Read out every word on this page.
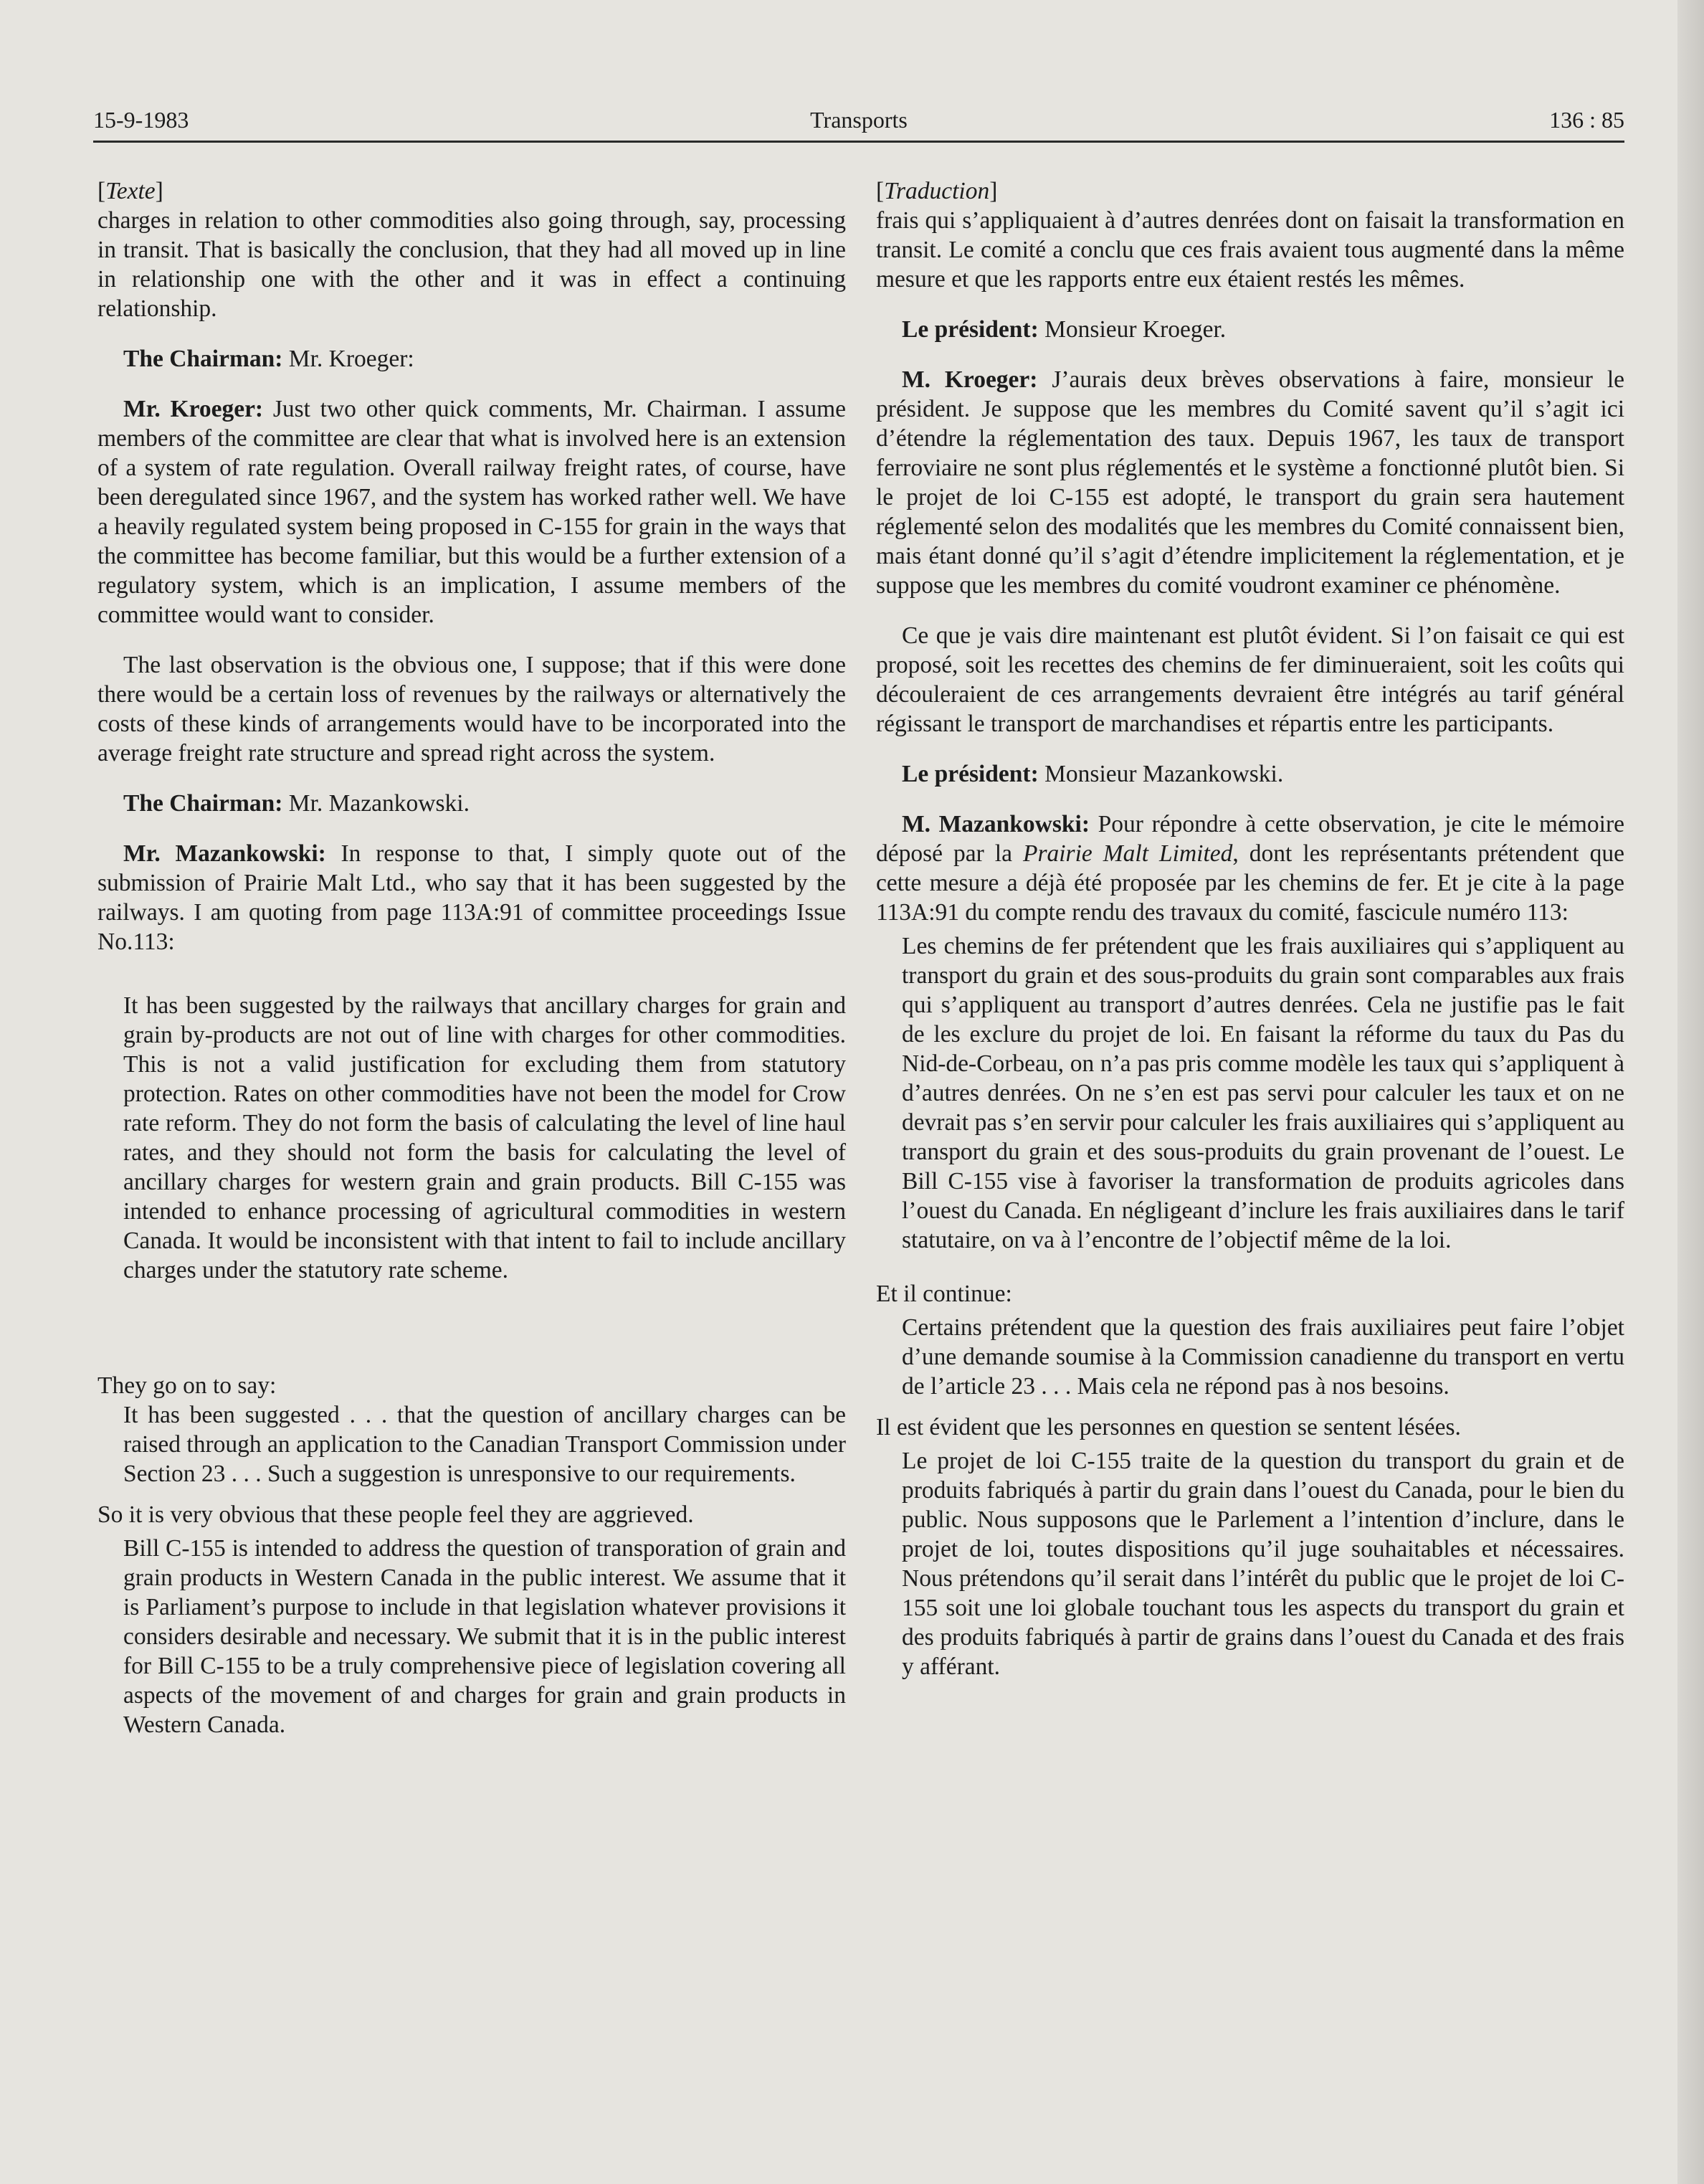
15-9-1983	Transports	136 : 85

[Texte]

charges in relation to other commodities also going through, say, processing in transit. That is basically the conclusion, that they had all moved up in line in relationship one with the other and it was in effect a continuing relationship.

The Chairman: Mr. Kroeger:

Mr. Kroeger: Just two other quick comments, Mr. Chairman. I assume members of the committee are clear that what is involved here is an extension of a system of rate regulation. Overall railway freight rates, of course, have been deregulated since 1967, and the system has worked rather well. We have a heavily regulated system being proposed in C-155 for grain in the ways that the committee has become familiar, but this would be a further extension of a regulatory system, which is an implication, I assume members of the committee would want to consider.

The last observation is the obvious one, I suppose; that if this were done there would be a certain loss of revenues by the railways or alternatively the costs of these kinds of arrangements would have to be incorporated into the average freight rate structure and spread right across the system.

The Chairman: Mr. Mazankowski.

Mr. Mazankowski: In response to that, I simply quote out of the submission of Prairie Malt Ltd., who say that it has been suggested by the railways. I am quoting from page 113A:91 of committee proceedings Issue No.113:

It has been suggested by the railways that ancillary charges for grain and grain by-products are not out of line with charges for other commodities. This is not a valid justification for excluding them from statutory protection. Rates on other commodities have not been the model for Crow rate reform. They do not form the basis of calculating the level of line haul rates, and they should not form the basis for calculating the level of ancillary charges for western grain and grain products. Bill C-155 was intended to enhance processing of agricultural commodities in western Canada. It would be inconsistent with that intent to fail to include ancillary charges under the statutory rate scheme.

They go on to say:

It has been suggested . . . that the question of ancillary charges can be raised through an application to the Canadian Transport Commission under Section 23 . . . Such a suggestion is unresponsive to our requirements.

So it is very obvious that these people feel they are aggrieved.

Bill C-155 is intended to address the question of transporation of grain and grain products in Western Canada in the public interest. We assume that it is Parliament’s purpose to include in that legislation whatever provisions it considers desirable and necessary. We submit that it is in the public interest for Bill C-155 to be a truly comprehensive piece of legislation covering all aspects of the movement of and charges for grain and grain products in Western Canada.

[Traduction]

frais qui s’appliquaient à d’autres denrées dont on faisait la transformation en transit. Le comité a conclu que ces frais avaient tous augmenté dans la même mesure et que les rapports entre eux étaient restés les mêmes.

Le président: Monsieur Kroeger.

M. Kroeger: J’aurais deux brèves observations à faire, monsieur le président. Je suppose que les membres du Comité savent qu’il s’agit ici d’étendre la réglementation des taux. Depuis 1967, les taux de transport ferroviaire ne sont plus réglementés et le système a fonctionné plutôt bien. Si le projet de loi C-155 est adopté, le transport du grain sera hautement réglementé selon des modalités que les membres du Comité connaissent bien, mais étant donné qu’il s’agit d’étendre implicitement la réglementation, et je suppose que les membres du comité voudront examiner ce phénomène.

Ce que je vais dire maintenant est plutôt évident. Si l’on faisait ce qui est proposé, soit les recettes des chemins de fer diminueraient, soit les coûts qui découleraient de ces arrangements devraient être intégrés au tarif général régissant le transport de marchandises et répartis entre les participants.

Le président: Monsieur Mazankowski.

M. Mazankowski: Pour répondre à cette observation, je cite le mémoire déposé par la Prairie Malt Limited, dont les représentants prétendent que cette mesure a déjà été proposée par les chemins de fer. Et je cite à la page 113A:91 du compte rendu des travaux du comité, fascicule numéro 113:

Les chemins de fer prétendent que les frais auxiliaires qui s’appliquent au transport du grain et des sous-produits du grain sont comparables aux frais qui s’appliquent au transport d’autres denrées. Cela ne justifie pas le fait de les exclure du projet de loi. En faisant la réforme du taux du Pas du Nid-de-Corbeau, on n’a pas pris comme modèle les taux qui s’appliquent à d’autres denrées. On ne s’en est pas servi pour calculer les taux et on ne devrait pas s’en servir pour calculer les frais auxiliaires qui s’appliquent au transport du grain et des sous-produits du grain provenant de l’ouest. Le Bill C-155 vise à favoriser la transformation de produits agricoles dans l’ouest du Canada. En négligeant d’inclure les frais auxiliaires dans le tarif statutaire, on va à l’encontre de l’objectif même de la loi.

Et il continue:

Certains prétendent que la question des frais auxiliaires peut faire l’objet d’une demande soumise à la Commission canadienne du transport en vertu de l’article 23 . . . Mais cela ne répond pas à nos besoins.

Il est évident que les personnes en question se sentent lésées.

Le projet de loi C-155 traite de la question du transport du grain et de produits fabriqués à partir du grain dans l’ouest du Canada, pour le bien du public. Nous supposons que le Parlement a l’intention d’inclure, dans le projet de loi, toutes dispositions qu’il juge souhaitables et nécessaires. Nous prétendons qu’il serait dans l’intérêt du public que le projet de loi C-155 soit une loi globale touchant tous les aspects du transport du grain et des produits fabriqués à partir de grains dans l’ouest du Canada et des frais y afférant.
